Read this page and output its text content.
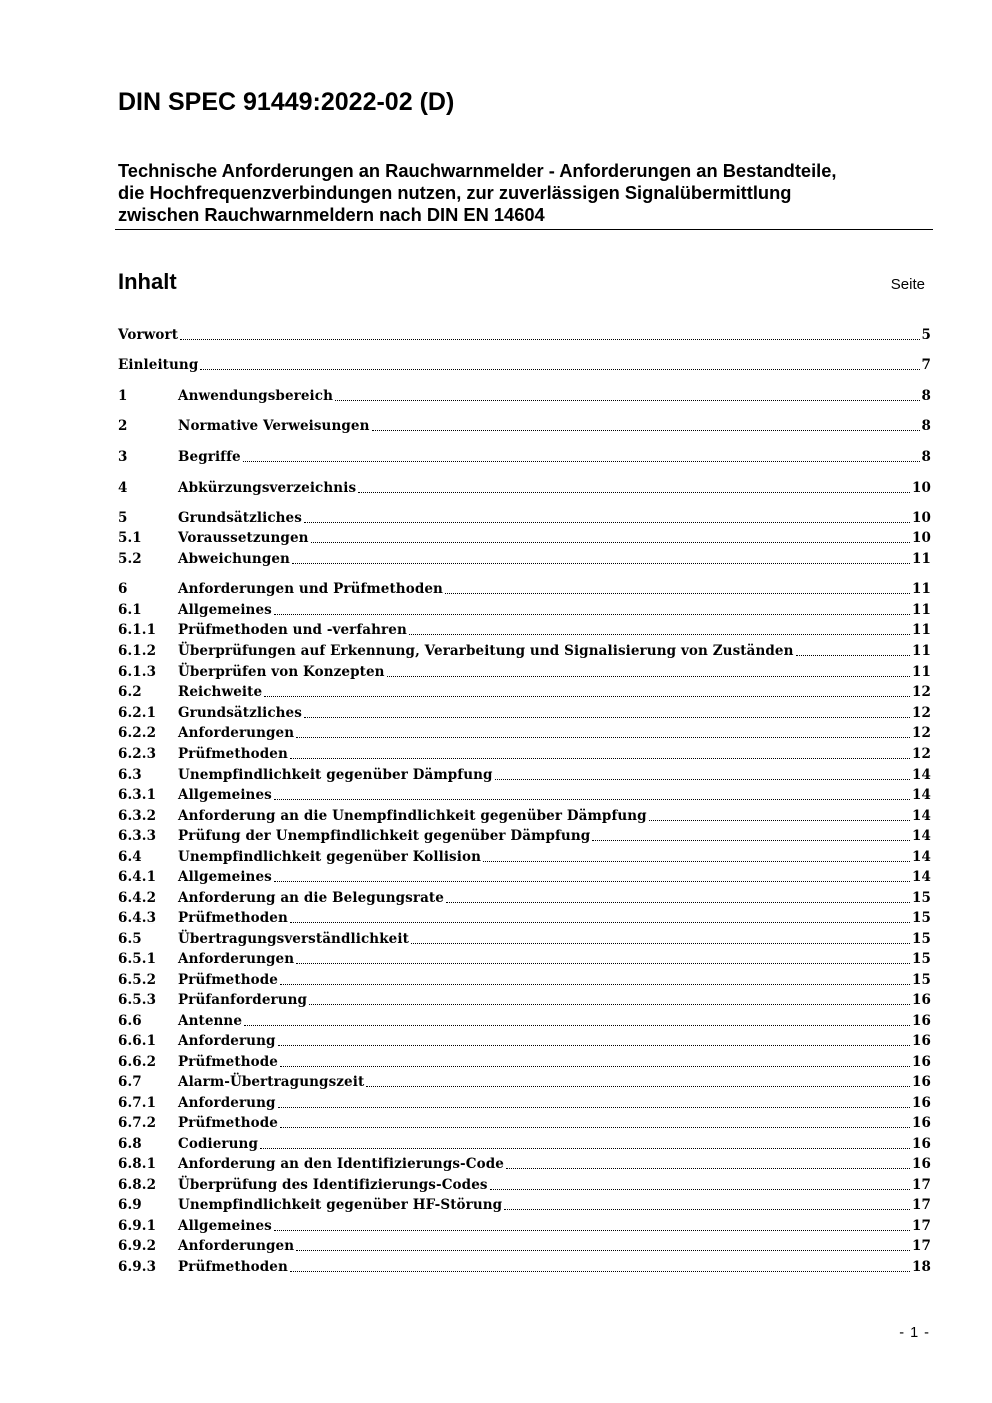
DIN SPEC 91449:2022-02 (D)
Technische Anforderungen an Rauchwarnmelder - Anforderungen an Bestandteile,
die Hochfrequenzverbindungen nutzen, zur zuverlässigen Signalübermittlung
zwischen Rauchwarnmeldern nach DIN EN 14604
Inhalt	Seite
Vorwort	5
Einleitung	7
1	Anwendungsbereich	8
2	Normative Verweisungen	8
3	Begriffe	8
4	Abkürzungsverzeichnis	10
5	Grundsätzliches	10
5.1	Voraussetzungen	10
5.2	Abweichungen	11
6	Anforderungen und Prüfmethoden	11
6.1	Allgemeines	11
6.1.1	Prüfmethoden und -verfahren	11
6.1.2	Überprüfungen auf Erkennung, Verarbeitung und Signalisierung von Zuständen	11
6.1.3	Überprüfen von Konzepten	11
6.2	Reichweite	12
6.2.1	Grundsätzliches	12
6.2.2	Anforderungen	12
6.2.3	Prüfmethoden	12
6.3	Unempfindlichkeit gegenüber Dämpfung	14
6.3.1	Allgemeines	14
6.3.2	Anforderung an die Unempfindlichkeit gegenüber Dämpfung	14
6.3.3	Prüfung der Unempfindlichkeit gegenüber Dämpfung	14
6.4	Unempfindlichkeit gegenüber Kollision	14
6.4.1	Allgemeines	14
6.4.2	Anforderung an die Belegungsrate	15
6.4.3	Prüfmethoden	15
6.5	Übertragungsverständlichkeit	15
6.5.1	Anforderungen	15
6.5.2	Prüfmethode	15
6.5.3	Prüfanforderung	16
6.6	Antenne	16
6.6.1	Anforderung	16
6.6.2	Prüfmethode	16
6.7	Alarm-Übertragungszeit	16
6.7.1	Anforderung	16
6.7.2	Prüfmethode	16
6.8	Codierung	16
6.8.1	Anforderung an den Identifizierungs-Code	16
6.8.2	Überprüfung des Identifizierungs-Codes	17
6.9	Unempfindlichkeit gegenüber HF-Störung	17
6.9.1	Allgemeines	17
6.9.2	Anforderungen	17
6.9.3	Prüfmethoden	18
- 1 -
